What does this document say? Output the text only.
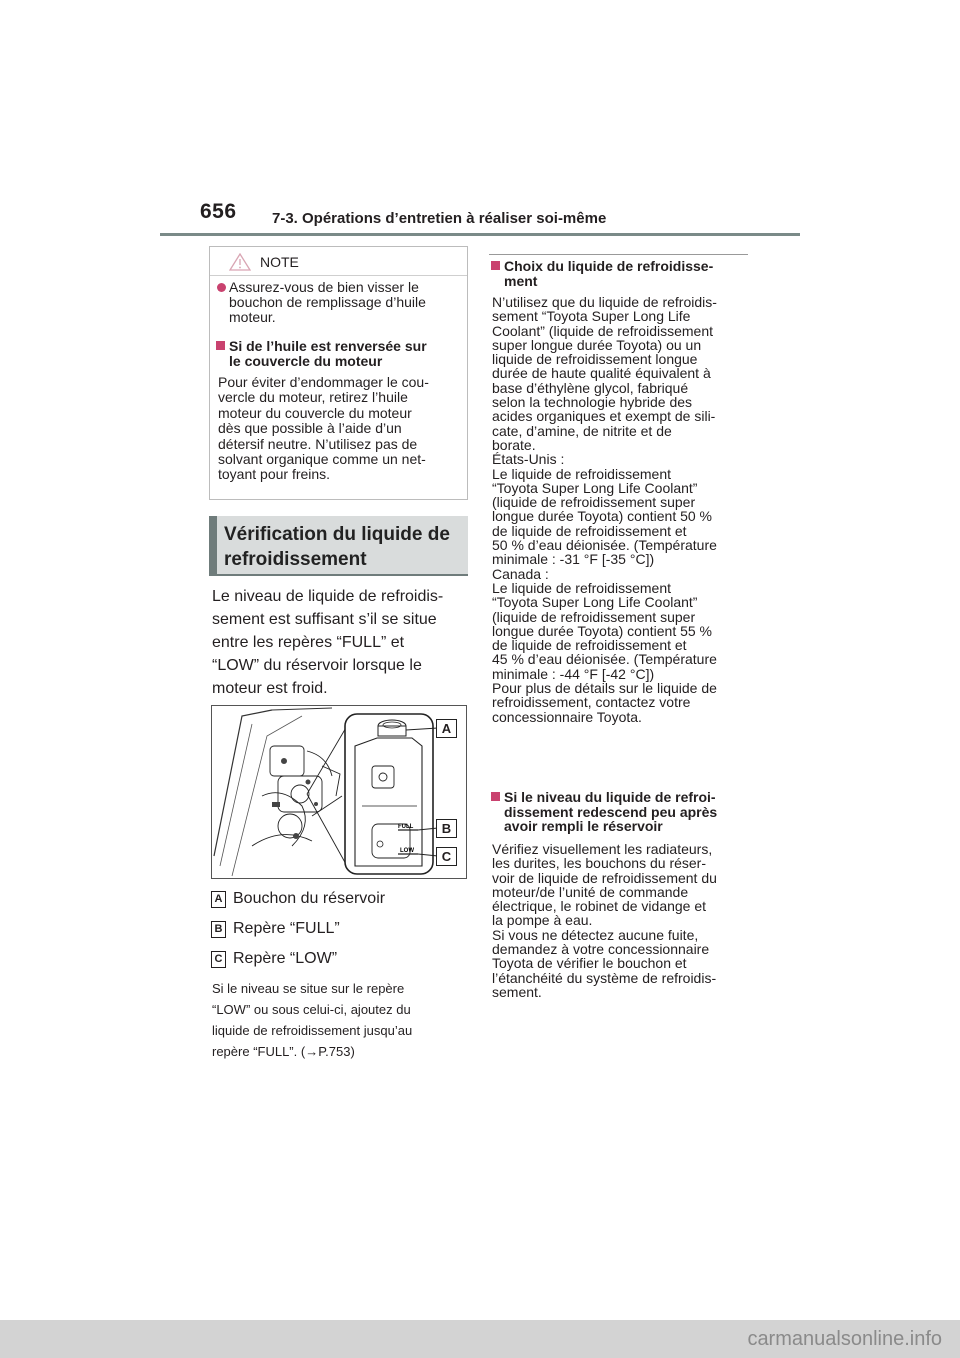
656 7-3. Opérations d’entretien à réaliser soi-même
NOTE
Assurez-vous de bien visser le bouchon de remplissage d’huile moteur.
Si de l’huile est renversée sur
le couvercle du moteur
Pour éviter d’endommager le cou-
vercle du moteur, retirez l’huile
moteur du couvercle du moteur
dès que possible à l’aide d’un
détersif neutre. N’utilisez pas de
solvant organique comme un net-
toyant pour freins.
Vérification du liquide de
refroidissement
Le niveau de liquide de refroidis-
sement est suffisant s’il se situe
entre les repères “FULL” et
“LOW” du réservoir lorsque le
moteur est froid.
FULL
LOW
A
B
C
A Bouchon du réservoir
B Repère “FULL”
C Repère “LOW”
Si le niveau se situe sur le repère
“LOW” ou sous celui-ci, ajoutez du
liquide de refroidissement jusqu’au
repère “FULL”. (→P.753)
Choix du liquide de refroidisse-
ment
N’utilisez que du liquide de refroidis-
sement “Toyota Super Long Life
Coolant” (liquide de refroidissement
super longue durée Toyota) ou un
liquide de refroidissement longue
durée de haute qualité équivalent à
base d’éthylène glycol, fabriqué
selon la technologie hybride des
acides organiques et exempt de sili-
cate, d’amine, de nitrite et de
borate.
États-Unis :
Le liquide de refroidissement
“Toyota Super Long Life Coolant”
(liquide de refroidissement super
longue durée Toyota) contient 50 %
de liquide de refroidissement et
50 % d’eau déionisée. (Température
minimale : -31 °F [-35 °C])
Canada :
Le liquide de refroidissement
“Toyota Super Long Life Coolant”
(liquide de refroidissement super
longue durée Toyota) contient 55 %
de liquide de refroidissement et
45 % d’eau déionisée. (Température
minimale : -44 °F [-42 °C])
Pour plus de détails sur le liquide de
refroidissement, contactez votre
concessionnaire Toyota.
Si le niveau du liquide de refroi-
dissement redescend peu après
avoir rempli le réservoir
Vérifiez visuellement les radiateurs,
les durites, les bouchons du réser-
voir de liquide de refroidissement du
moteur/de l’unité de commande
électrique, le robinet de vidange et
la pompe à eau.
Si vous ne détectez aucune fuite,
demandez à votre concessionnaire
Toyota de vérifier le bouchon et
l’étanchéité du système de refroidis-
sement.
carmanualsonline.info
